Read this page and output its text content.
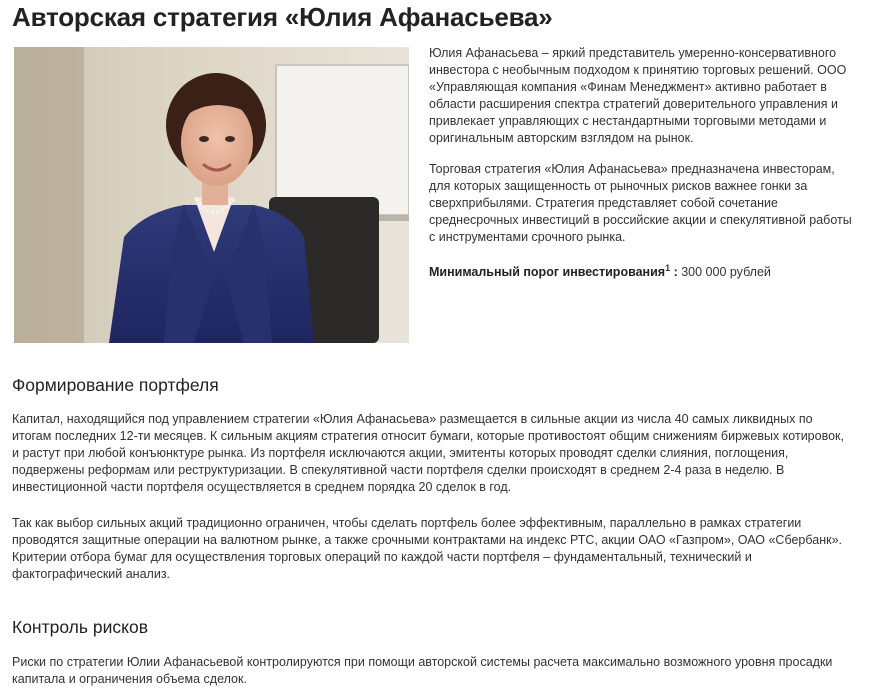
Авторская стратегия «Юлия Афанасьева»

Юлия Афанасьева – яркий представитель умеренно-консервативного инвестора с необычным подходом к принятию торговых решений. ООО «Управляющая компания «Финам Менеджмент» активно работает в области расширения спектра стратегий доверительного управления и привлекает управляющих с нестандартными торговыми методами и оригинальным авторским взглядом на рынок.

Торговая стратегия «Юлия Афанасьева» предназначена инвесторам, для которых защищенность от рыночных рисков важнее гонки за сверхприбылями. Стратегия представляет собой сочетание среднесрочных инвестиций в российские акции и спекулятивной работы с инструментами срочного рынка.

Минимальный порог инвестирования$^1$ : 300 000 рублей

Формирование портфеля

Капитал, находящийся под управлением стратегии «Юлия Афанасьева» размещается в сильные акции из числа 40 самых ликвидных по итогам последних 12-ти месяцев. К сильным акциям стратегия относит бумаги, которые противостоят общим снижениям биржевых котировок, и растут при любой конъюнктуре рынка. Из портфеля исключаются акции, эмитенты которых проводят сделки слияния, поглощения, подвержены реформам или реструктуризации. В спекулятивной части портфеля сделки происходят в среднем 2-4 раза в неделю. В инвестиционной части портфеля осуществляется в среднем порядка 20 сделок в год.

Так как выбор сильных акций традиционно ограничен, чтобы сделать портфель более эффективным, параллельно в рамках стратегии проводятся защитные операции на валютном рынке, а также срочными контрактами на индекс РТС, акции ОАО «Газпром», ОАО «Сбербанк». Критерии отбора бумаг для осуществления торговых операций по каждой части портфеля – фундаментальный, технический и фактографический анализ.

Контроль рисков

Риски по стратегии Юлии Афанасьевой контролируются при помощи авторской системы расчета максимально возможного уровня просадки капитала и ограничения объема сделок.
